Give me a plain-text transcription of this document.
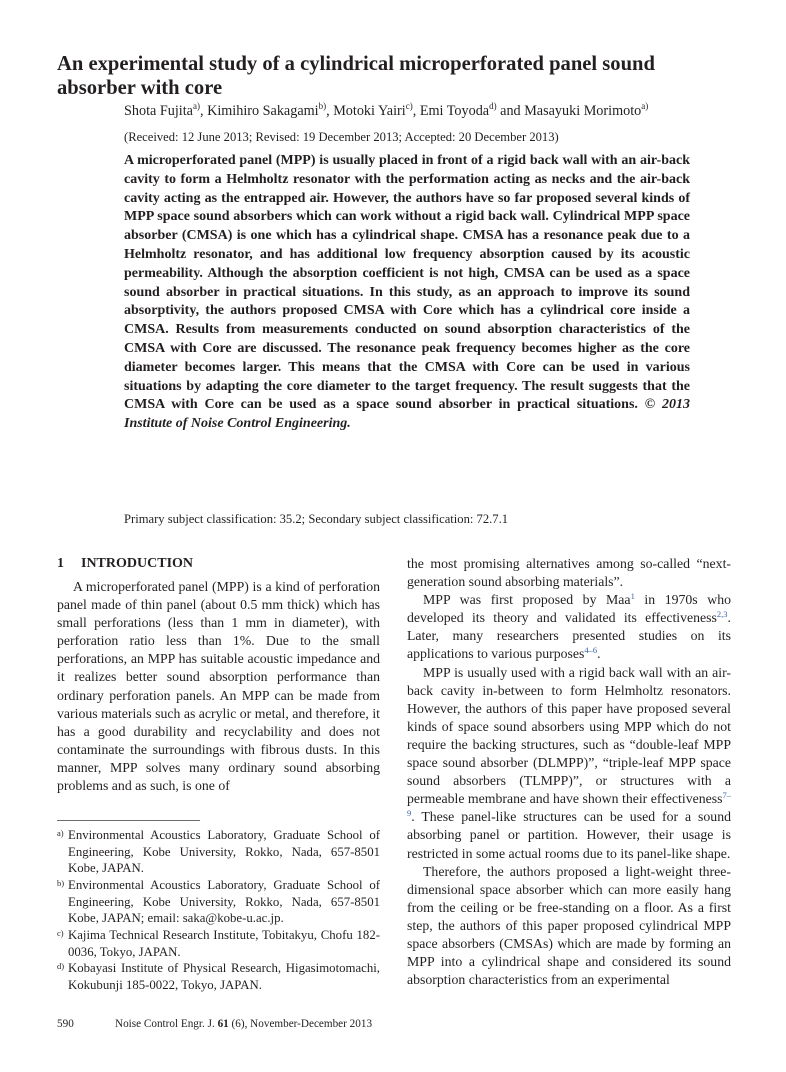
An experimental study of a cylindrical microperforated panel sound absorber with core
Shota Fujita$^{a)}$, Kimihiro Sakagami$^{b)}$, Motoki Yairi$^{c)}$, Emi Toyoda$^{d)}$ and Masayuki Morimoto$^{a)}$
(Received: 12 June 2013; Revised: 19 December 2013; Accepted: 20 December 2013)
A microperforated panel (MPP) is usually placed in front of a rigid back wall with an air-back cavity to form a Helmholtz resonator with the performation acting as necks and the air-back cavity acting as the entrapped air. However, the authors have so far proposed several kinds of MPP space sound absorbers which can work without a rigid back wall. Cylindrical MPP space absorber (CMSA) is one which has a cylindrical shape. CMSA has a resonance peak due to a Helmholtz resonator, and has additional low frequency absorption caused by its acoustic permeability. Although the absorption coefficient is not high, CMSA can be used as a space sound absorber in practical situations. In this study, as an approach to improve its sound absorptivity, the authors proposed CMSA with Core which has a cylindrical core inside a CMSA. Results from measurements conducted on sound absorption characteristics of the CMSA with Core are discussed. The resonance peak frequency becomes higher as the core diameter becomes larger. This means that the CMSA with Core can be used in various situations by adapting the core diameter to the target frequency. The result suggests that the CMSA with Core can be used as a space sound absorber in practical situations. © 2013 Institute of Noise Control Engineering.
Primary subject classification: 35.2; Secondary subject classification: 72.7.1
1 INTRODUCTION

A microperforated panel (MPP) is a kind of perforation panel made of thin panel (about 0.5 mm thick) which has small perforations (less than 1 mm in diameter), with perforation ratio less than 1%. Due to the small perforations, an MPP has suitable acoustic impedance and it realizes better sound absorption performance than ordinary perforation panels. An MPP can be made from various materials such as acrylic or metal, and therefore, it has a good durability and recyclability and does not contaminate the surroundings with fibrous dusts. In this manner, MPP solves many ordinary sound absorbing problems and as such, is one of

the most promising alternatives among so-called “next-generation sound absorbing materials”.

MPP was first proposed by Maa$^1$ in 1970s who developed its theory and validated its effectiveness$^{2,3}$. Later, many researchers presented studies on its applications to various purposes$^{4-6}$.

MPP is usually used with a rigid back wall with an air-back cavity in-between to form Helmholtz resonators. However, the authors of this paper have proposed several kinds of space sound absorbers using MPP which do not require the backing structures, such as “double-leaf MPP space sound absorber (DLMPP)”, “triple-leaf MPP space sound absorbers (TLMPP)”, or structures with a permeable membrane and have shown their effectiveness$^{7-9}$. These panel-like structures can be used for a sound absorbing panel or partition. However, their usage is restricted in some actual rooms due to its panel-like shape.

Therefore, the authors proposed a light-weight three-dimensional space absorber which can more easily hang from the ceiling or be free-standing on a floor. As a first step, the authors of this paper proposed cylindrical MPP space absorbers (CMSAs) which are made by forming an MPP into a cylindrical shape and considered its sound absorption characteristics from an experimental

a) Environmental Acoustics Laboratory, Graduate School of Engineering, Kobe University, Rokko, Nada, 657-8501 Kobe, JAPAN.
b) Environmental Acoustics Laboratory, Graduate School of Engineering, Kobe University, Rokko, Nada, 657-8501 Kobe, JAPAN; email: saka@kobe-u.ac.jp.
c) Kajima Technical Research Institute, Tobitakyu, Chofu 182-0036, Tokyo, JAPAN.
d) Kobayasi Institute of Physical Research, Higasimotomachi, Kokubunji 185-0022, Tokyo, JAPAN.
590	Noise Control Engr. J. 61 (6), November-December 2013
